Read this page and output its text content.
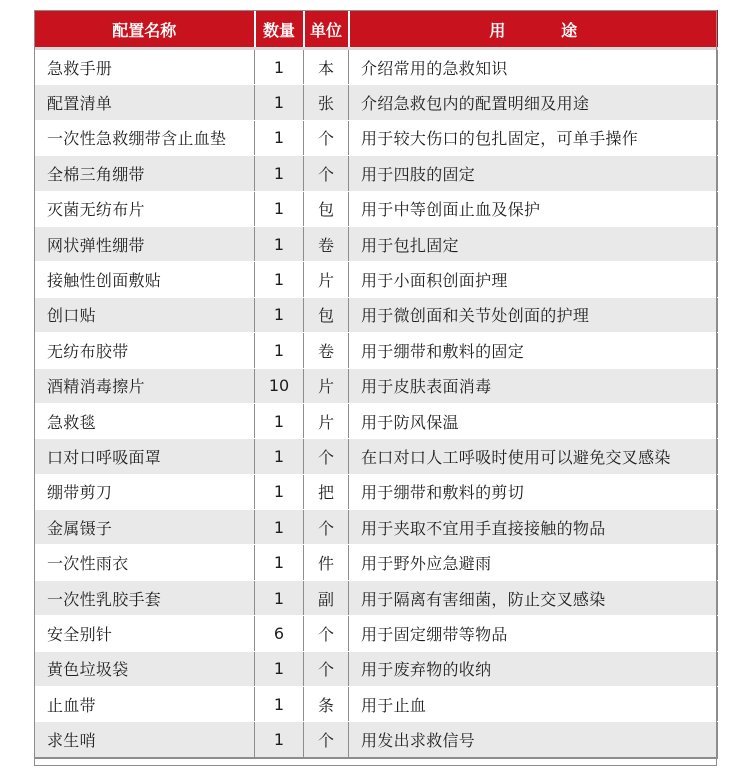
配置名称	数量	单位	用          途
急救手册	1	本	介绍常用的急救知识
配置清单	1	张	介绍急救包内的配置明细及用途
一次性急救绷带含止血垫	1	个	用于较大伤口的包扎固定，可单手操作
全棉三角绷带	1	个	用于四肢的固定
灭菌无纺布片	1	包	用于中等创面止血及保护
网状弹性绷带	1	卷	用于包扎固定
接触性创面敷贴	1	片	用于小面积创面护理
创口贴	1	包	用于微创面和关节处创面的护理
无纺布胶带	1	卷	用于绷带和敷料的固定
酒精消毒擦片	10	片	用于皮肤表面消毒
急救毯	1	片	用于防风保温
口对口呼吸面罩	1	个	在口对口人工呼吸时使用可以避免交叉感染
绷带剪刀	1	把	用于绷带和敷料的剪切
金属镊子	1	个	用于夹取不宜用手直接接触的物品
一次性雨衣	1	件	用于野外应急避雨
一次性乳胶手套	1	副	用于隔离有害细菌，防止交叉感染
安全别针	6	个	用于固定绷带等物品
黄色垃圾袋	1	个	用于废弃物的收纳
止血带	1	条	用于止血
求生哨	1	个	用发出求救信号
